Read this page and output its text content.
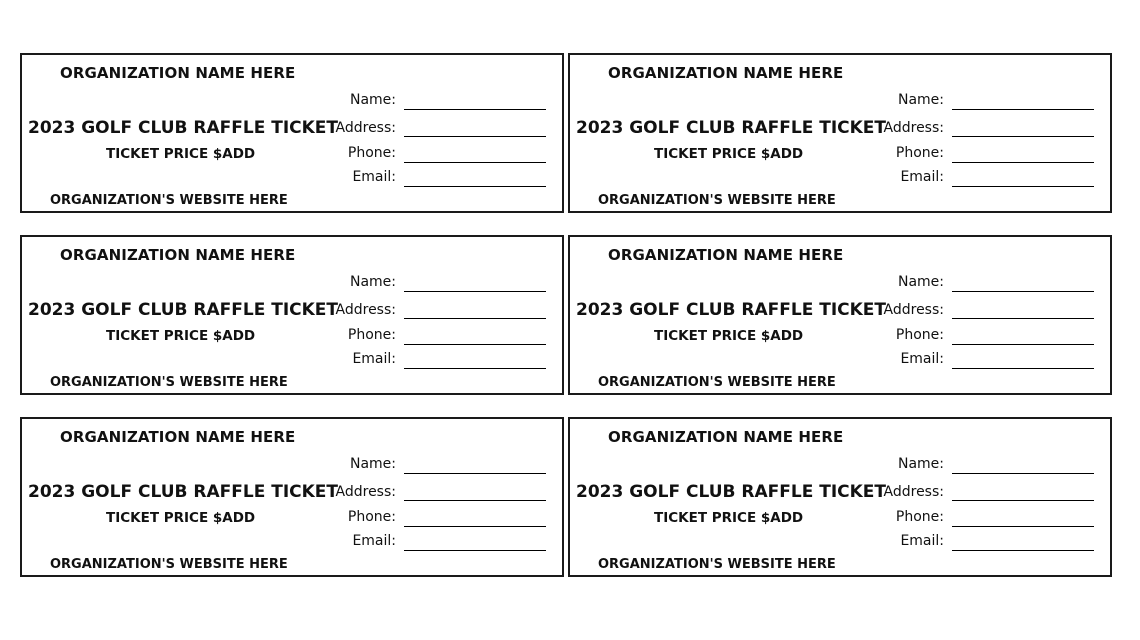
ORGANIZATION NAME HERE
2023 GOLF CLUB RAFFLE TICKET
TICKET PRICE $ADD
ORGANIZATION'S WEBSITE HERE
Name:
Address:
Phone:
Email:
ORGANIZATION NAME HERE
2023 GOLF CLUB RAFFLE TICKET
TICKET PRICE $ADD
ORGANIZATION'S WEBSITE HERE
Name:
Address:
Phone:
Email:
ORGANIZATION NAME HERE
2023 GOLF CLUB RAFFLE TICKET
TICKET PRICE $ADD
ORGANIZATION'S WEBSITE HERE
Name:
Address:
Phone:
Email:
ORGANIZATION NAME HERE
2023 GOLF CLUB RAFFLE TICKET
TICKET PRICE $ADD
ORGANIZATION'S WEBSITE HERE
Name:
Address:
Phone:
Email:
ORGANIZATION NAME HERE
2023 GOLF CLUB RAFFLE TICKET
TICKET PRICE $ADD
ORGANIZATION'S WEBSITE HERE
Name:
Address:
Phone:
Email:
ORGANIZATION NAME HERE
2023 GOLF CLUB RAFFLE TICKET
TICKET PRICE $ADD
ORGANIZATION'S WEBSITE HERE
Name:
Address:
Phone:
Email:
